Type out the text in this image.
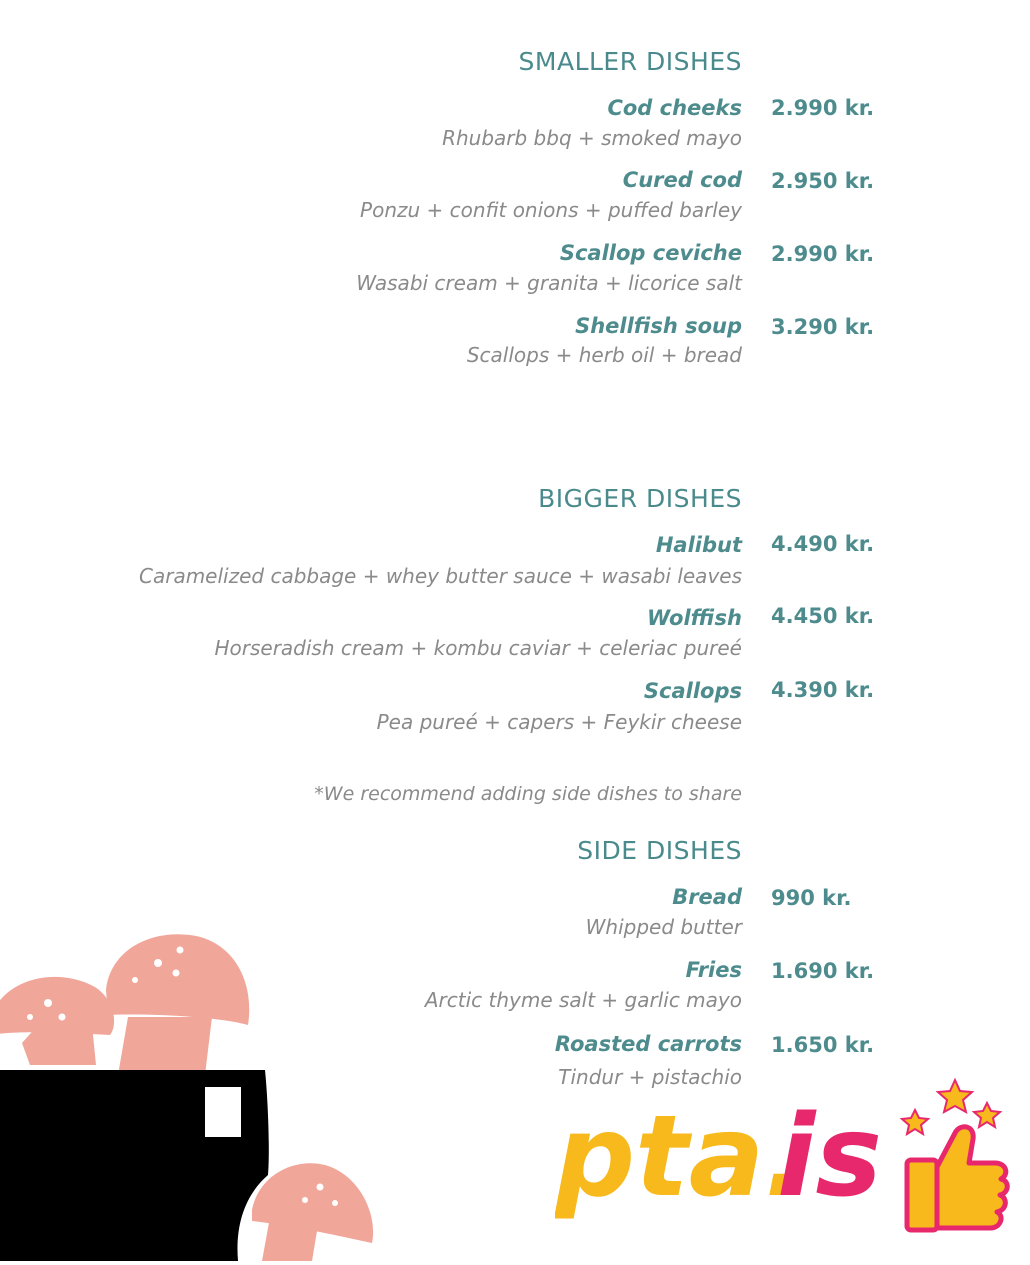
SMALLER DISHES
Cod cheeks 2.990 kr.
Rhubarb bbq + smoked mayo
Cured cod 2.950 kr.
Ponzu + confit onions + puffed barley
Scallop ceviche 2.990 kr.
Wasabi cream + granita + licorice salt
Shellfish soup 3.290 kr.
Scallops + herb oil + bread
BIGGER DISHES
Halibut 4.490 kr.
Caramelized cabbage + whey butter sauce + wasabi leaves
Wolffish 4.450 kr.
Horseradish cream + kombu caviar + celeriac pureé
Scallops 4.390 kr.
Pea pureé + capers + Feykir cheese
*We recommend adding side dishes to share
SIDE DISHES
Bread 990 kr.
Whipped butter
Fries 1.690 kr.
Arctic thyme salt + garlic mayo
Roasted carrots 1.650 kr.
Tindur + pistachio
pta.
is
